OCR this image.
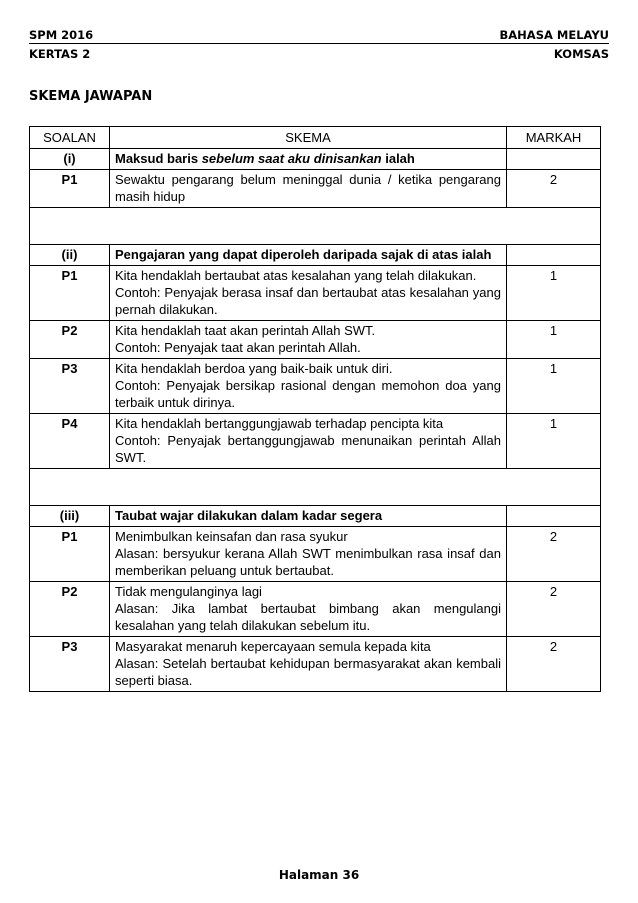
SPM 2016	BAHASA MELAYU
KERTAS 2	KOMSAS
SKEMA JAWAPAN
SOALAN	SKEMA	MARKAH
(i)	Maksud baris sebelum saat aku dinisankan ialah	

P1	Sewaktu pengarang belum meninggal dunia / ketika pengarang masih hidup	2

(ii)	Pengajaran yang dapat diperoleh daripada sajak di atas ialah	

P1	Kita hendaklah bertaubat atas kesalahan yang telah dilakukan.
Contoh: Penyajak berasa insaf dan bertaubat atas kesalahan yang pernah dilakukan.	1
P2	Kita hendaklah taat akan perintah Allah SWT.
Contoh: Penyajak taat akan perintah Allah.	1
P3	Kita hendaklah berdoa yang baik-baik untuk diri.
Contoh: Penyajak bersikap rasional dengan memohon doa yang terbaik untuk dirinya.	1
P4	Kita hendaklah bertanggungjawab terhadap pencipta kita
Contoh: Penyajak bertanggungjawab menunaikan perintah Allah SWT.	1

(iii)	Taubat wajar dilakukan dalam kadar segera	

P1	Menimbulkan keinsafan dan rasa syukur
Alasan: bersyukur kerana Allah SWT menimbulkan rasa insaf dan memberikan peluang untuk bertaubat.	2
P2	Tidak mengulanginya lagi
Alasan: Jika lambat bertaubat bimbang akan mengulangi kesalahan yang telah dilakukan sebelum itu.	2
P3	Masyarakat menaruh kepercayaan semula kepada kita
Alasan: Setelah bertaubat kehidupan bermasyarakat akan kembali seperti biasa.	2
Halaman 36
